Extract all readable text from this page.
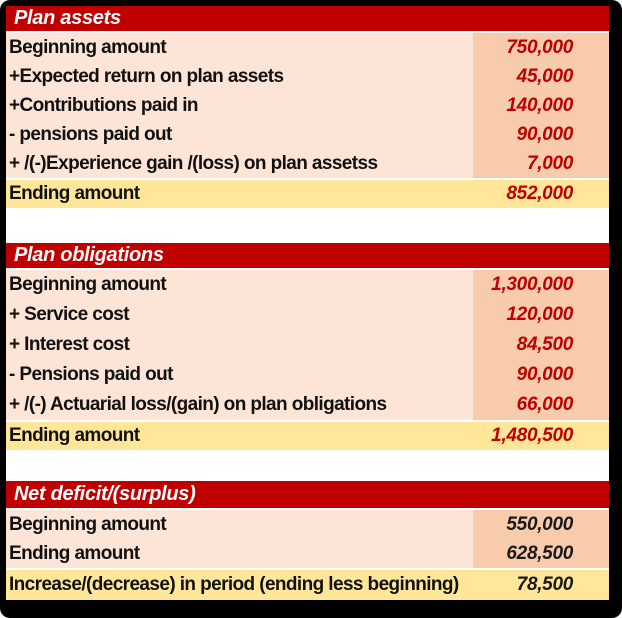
Plan assets
Beginning amount	750,000
+Expected return on plan assets	45,000
+Contributions paid in	140,000
- pensions paid out	90,000
+ /(-)Experience gain /(loss) on plan assetss	7,000
Ending amount	852,000
Plan obligations
Beginning amount	1,300,000
+ Service cost	120,000
+ Interest cost	84,500
- Pensions paid out	90,000
+ /(-) Actuarial loss/(gain) on plan obligations	66,000
Ending amount	1,480,500
Net deficit/(surplus)
Beginning amount	550,000
Ending amount	628,500
Increase/(decrease) in period (ending less beginning)	78,500
